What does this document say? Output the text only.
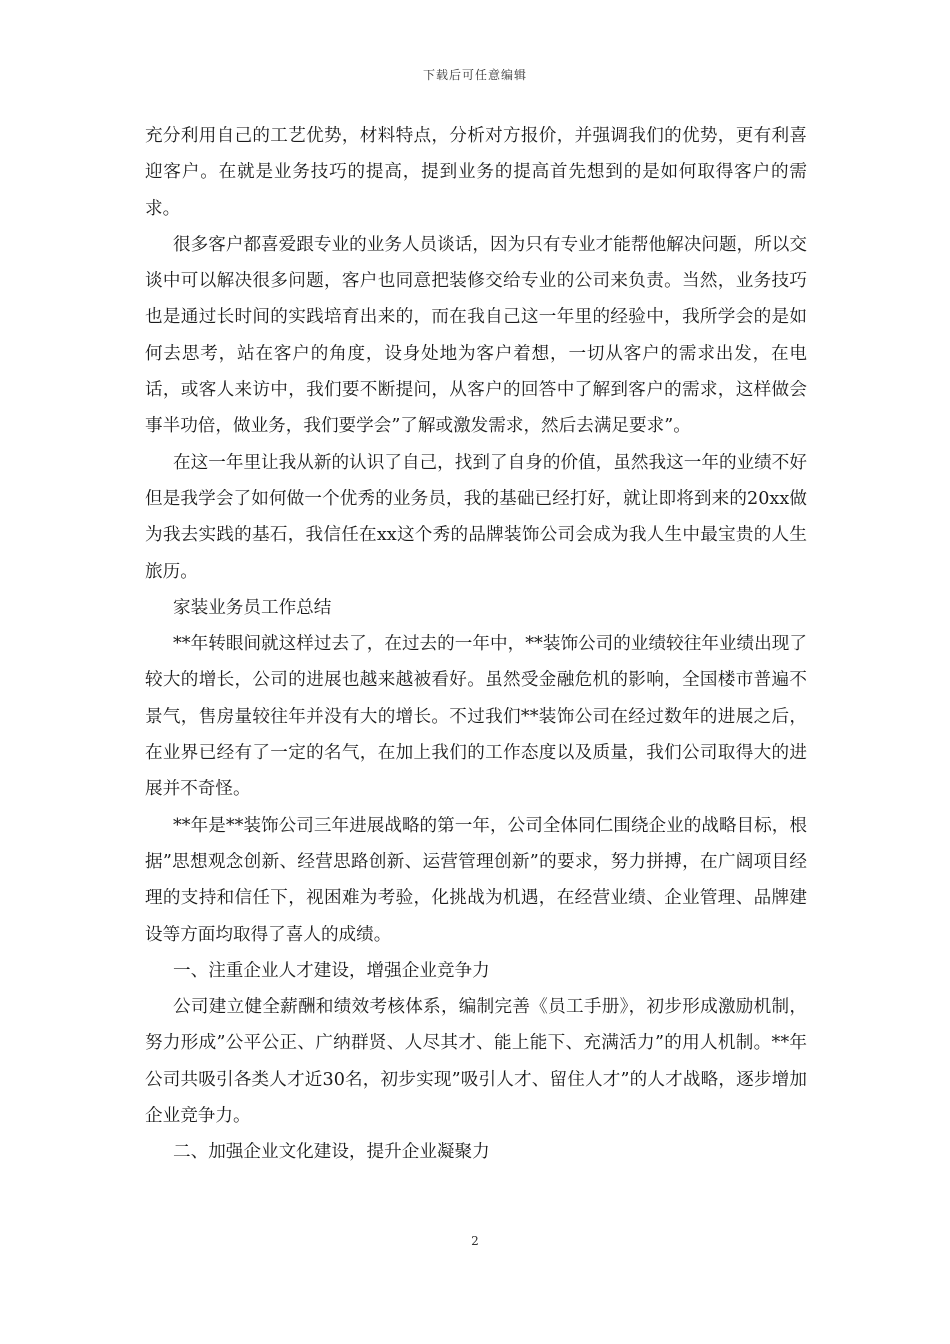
下载后可任意编辑

充分利用自己的工艺优势，材料特点，分析对方报价，并强调我们的优势，更有利喜迎客户。在就是业务技巧的提高，提到业务的提高首先想到的是如何取得客户的需求。

很多客户都喜爱跟专业的业务人员谈话，因为只有专业才能帮他解决问题，所以交谈中可以解决很多问题，客户也同意把装修交给专业的公司来负责。当然，业务技巧也是通过长时间的实践培育出来的，而在我自己这一年里的经验中，我所学会的是如何去思考，站在客户的角度，设身处地为客户着想，一切从客户的需求出发，在电话，或客人来访中，我们要不断提问，从客户的回答中了解到客户的需求，这样做会事半功倍，做业务，我们要学会”了解或激发需求，然后去满足要求”。

在这一年里让我从新的认识了自己，找到了自身的价值，虽然我这一年的业绩不好但是我学会了如何做一个优秀的业务员，我的基础已经打好，就让即将到来的20xx做为我去实践的基石，我信任在xx这个秀的品牌装饰公司会成为我人生中最宝贵的人生旅历。

家装业务员工作总结

**年转眼间就这样过去了，在过去的一年中，**装饰公司的业绩较往年业绩出现了较大的增长，公司的进展也越来越被看好。虽然受金融危机的影响，全国楼市普遍不景气，售房量较往年并没有大的增长。不过我们**装饰公司在经过数年的进展之后，在业界已经有了一定的名气，在加上我们的工作态度以及质量，我们公司取得大的进展并不奇怪。

**年是**装饰公司三年进展战略的第一年，公司全体同仁围绕企业的战略目标，根据”思想观念创新、经营思路创新、运营管理创新”的要求，努力拼搏，在广阔项目经理的支持和信任下，视困难为考验，化挑战为机遇，在经营业绩、企业管理、品牌建设等方面均取得了喜人的成绩。

一、注重企业人才建设，增强企业竞争力

公司建立健全薪酬和绩效考核体系，编制完善《员工手册》，初步形成激励机制，努力形成”公平公正、广纳群贤、人尽其才、能上能下、充满活力”的用人机制。**年公司共吸引各类人才近30名，初步实现”吸引人才、留住人才”的人才战略，逐步增加企业竞争力。

二、加强企业文化建设，提升企业凝聚力

2
